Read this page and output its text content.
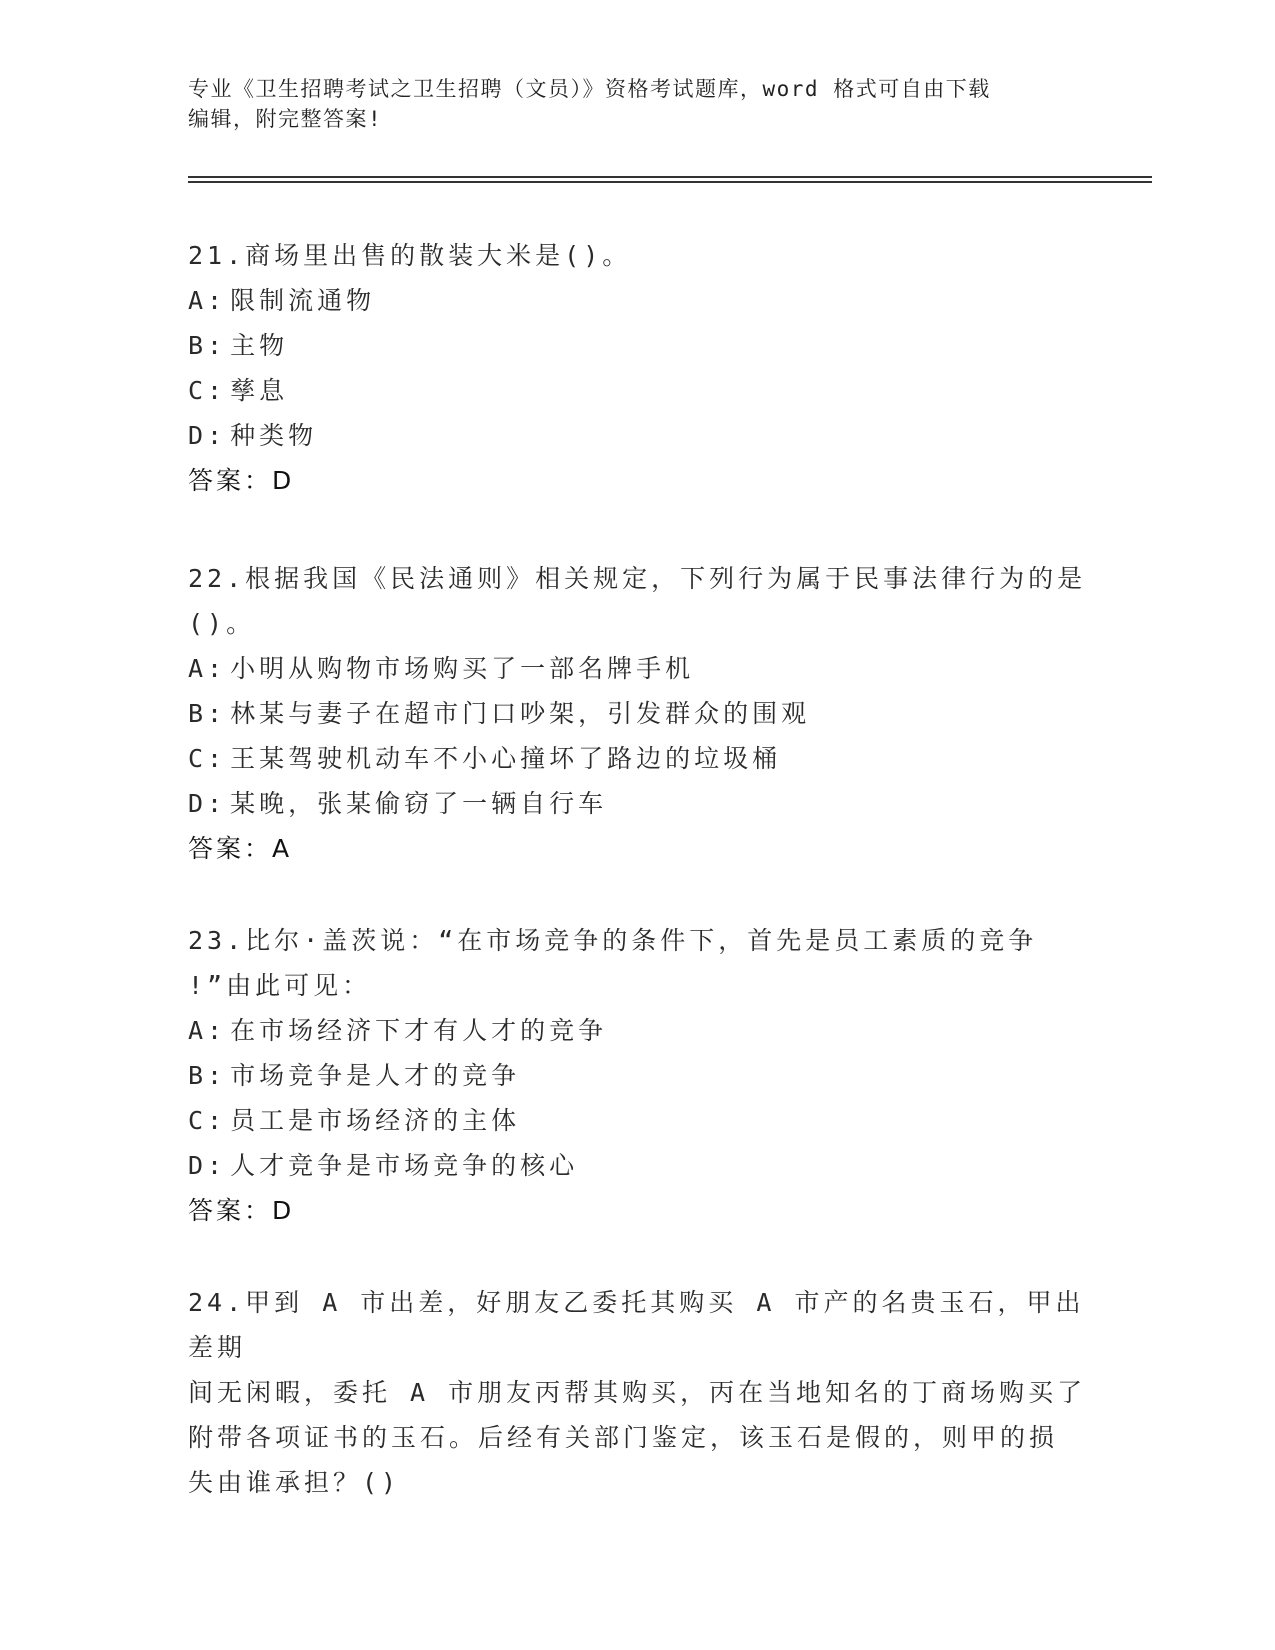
专业《卫生招聘考试之卫生招聘（文员）》资格考试题库，word 格式可自由下载
编辑，附完整答案!
21.商场里出售的散装大米是()。
A: 限制流通物
B: 主物
C: 孳息
D: 种类物
答案：D
22.根据我国《民法通则》相关规定，下列行为属于民事法律行为的是
()。
A: 小明从购物市场购买了一部名牌手机
B: 林某与妻子在超市门口吵架，引发群众的围观
C: 王某驾驶机动车不小心撞坏了路边的垃圾桶
D: 某晚，张某偷窃了一辆自行车
答案：A
23.比尔·盖茨说：“在市场竞争的条件下，首先是员工素质的竞争
!”由此可见：
A: 在市场经济下才有人才的竞争
B: 市场竞争是人才的竞争
C: 员工是市场经济的主体
D: 人才竞争是市场竞争的核心
答案：D
24.甲到 A 市出差，好朋友乙委托其购买 A 市产的名贵玉石，甲出差期
间无闲暇，委托 A 市朋友丙帮其购买，丙在当地知名的丁商场购买了
附带各项证书的玉石。后经有关部门鉴定，该玉石是假的，则甲的损
失由谁承担？()
